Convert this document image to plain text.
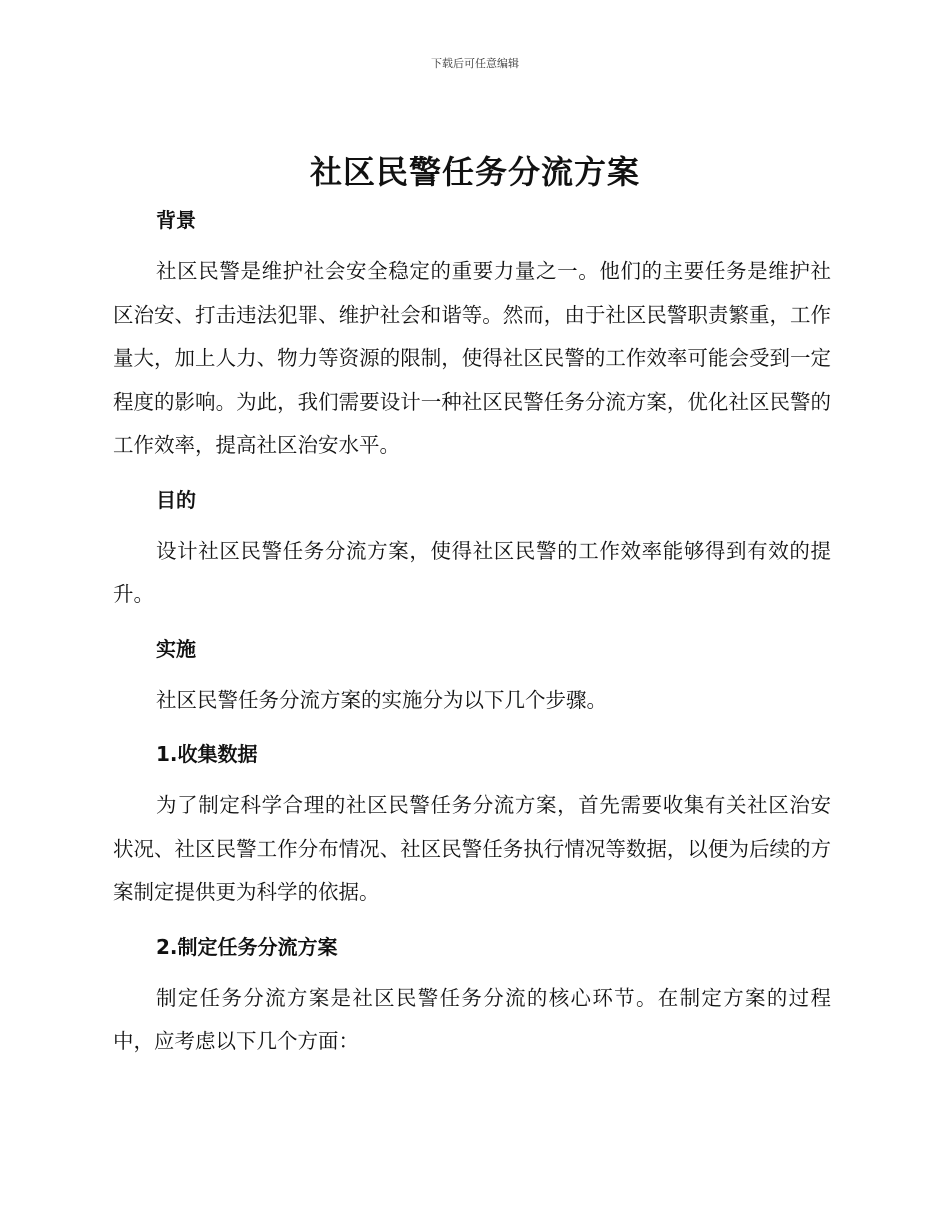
下载后可任意编辑
社区民警任务分流方案
背景

社区民警是维护社会安全稳定的重要力量之一。他们的主要任务是维护社区治安、打击违法犯罪、维护社会和谐等。然而，由于社区民警职责繁重，工作量大，加上人力、物力等资源的限制，使得社区民警的工作效率可能会受到一定程度的影响。为此，我们需要设计一种社区民警任务分流方案，优化社区民警的工作效率，提高社区治安水平。

目的

设计社区民警任务分流方案，使得社区民警的工作效率能够得到有效的提升。

实施

社区民警任务分流方案的实施分为以下几个步骤。

1.收集数据

为了制定科学合理的社区民警任务分流方案，首先需要收集有关社区治安状况、社区民警工作分布情况、社区民警任务执行情况等数据，以便为后续的方案制定提供更为科学的依据。

2.制定任务分流方案

制定任务分流方案是社区民警任务分流的核心环节。在制定方案的过程中，应考虑以下几个方面：
